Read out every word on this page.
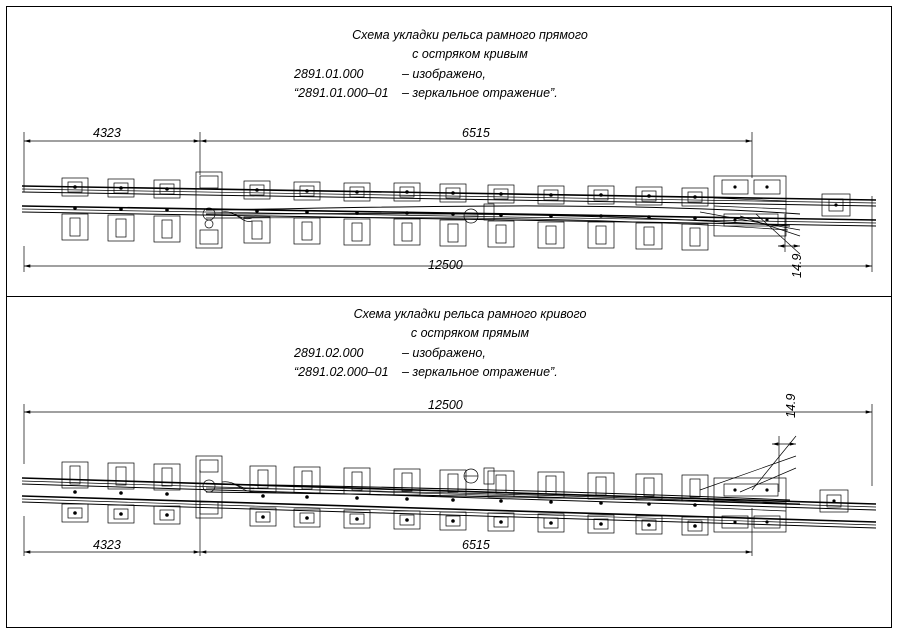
Схема укладки рельса рамного прямого
с остряком кривым
2891.01.000	– изображено,
“2891.01.000–01 – зеркальное отражение”.
4323	6515
12500	14.9
Схема укладки рельса рамного кривого
с остряком прямым
2891.02.000	– изображено,
“2891.02.000–01 – зеркальное отражение”.
12500	14.9
4323	6515
